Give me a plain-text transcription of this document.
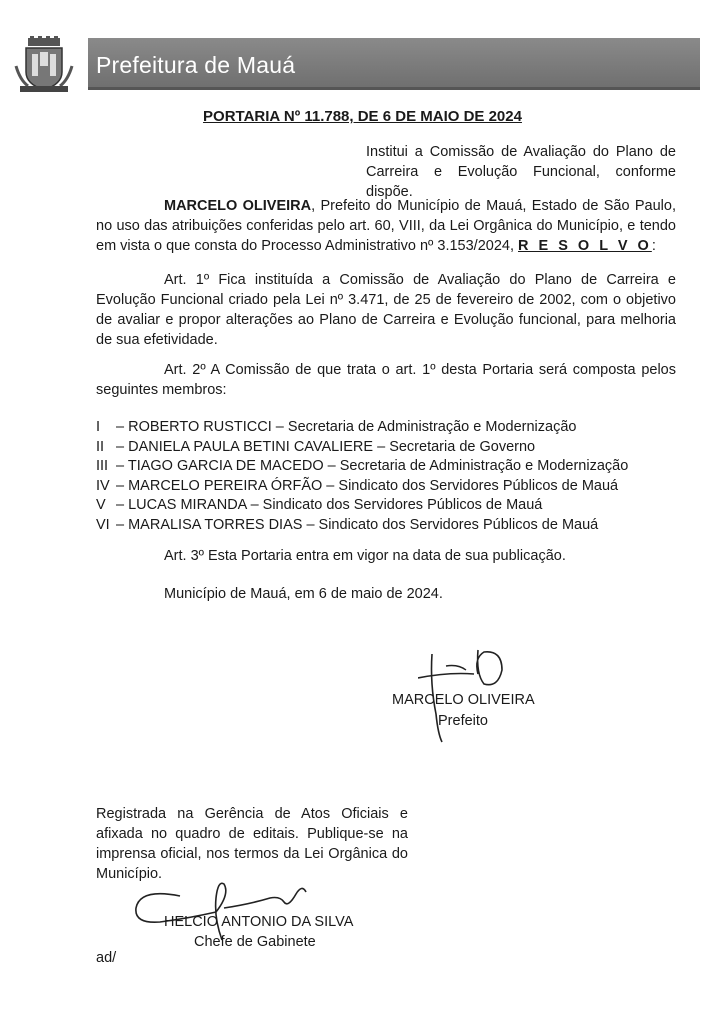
Prefeitura de Mauá
PORTARIA Nº 11.788, DE 6 DE MAIO DE 2024
Institui a Comissão de Avaliação do Plano de Carreira e Evolução Funcional, conforme dispõe.
MARCELO OLIVEIRA, Prefeito do Município de Mauá, Estado de São Paulo, no uso das atribuições conferidas pelo art. 60, VIII, da Lei Orgânica do Município, e tendo em vista o que consta do Processo Administrativo nº 3.153/2024, R E S O L V O:
Art. 1º Fica instituída a Comissão de Avaliação do Plano de Carreira e Evolução Funcional criado pela Lei nº 3.471, de 25 de fevereiro de 2002, com o objetivo de avaliar e propor alterações ao Plano de Carreira e Evolução funcional, para melhoria de sua efetividade.
Art. 2º A Comissão de que trata o art. 1º desta Portaria será composta pelos seguintes membros:
I – ROBERTO RUSTICCI – Secretaria de Administração e Modernização
II – DANIELA PAULA BETINI CAVALIERE – Secretaria de Governo
III – TIAGO GARCIA DE MACEDO – Secretaria de Administração e Modernização
IV – MARCELO PEREIRA ÓRFÃO – Sindicato dos Servidores Públicos de Mauá
V – LUCAS MIRANDA – Sindicato dos Servidores Públicos de Mauá
VI – MARALISA TORRES DIAS – Sindicato dos Servidores Públicos de Mauá
Art. 3º Esta Portaria entra em vigor na data de sua publicação.
Município de Mauá, em 6 de maio de 2024.
MARCELO OLIVEIRA
Prefeito
Registrada na Gerência de Atos Oficiais e afixada no quadro de editais. Publique-se na imprensa oficial, nos termos da Lei Orgânica do Município.
HELCIO ANTONIO DA SILVA
Chefe de Gabinete
ad/
